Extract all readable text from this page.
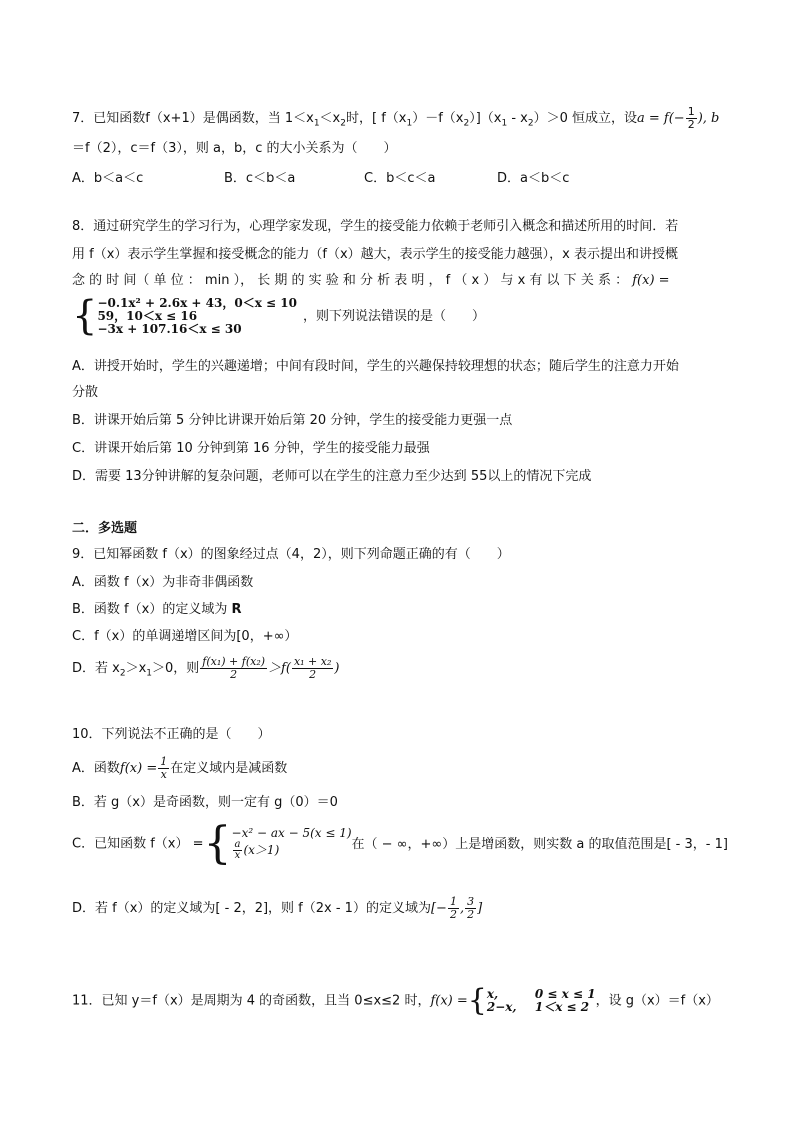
7．已知函数f（x+1）是偶函数，当 $1<x_1<x_2$时，[ $f(x_1)-f(x_2)](x_1 - x_2)>0$ 恒成立，设$a = f(- \frac{1}{2}$ ), b
＝f（2），c＝f（3），则 a，b，c 的大小关系为（　　）
A．b＜a＜c	B．c＜b＜a	C．b＜c＜a	D．a＜b＜c
8．通过研究学生的学习行为，心理学家发现，学生的接受能力依赖于老师引入概念和描述所用的时间．若
用 f（x）表示学生掌握和接受概念的能力（f（x）越大，表示学生的接受能力越强），x 表示提出和讲授概
念 的 时 间（ 单 位 ： min ）， 长 期 的 实 验 和 分 析 表 明 ， f （ x ） 与 x 有 以 下 关 系 ： f(x) =
{ −0.1x² + 2.6x + 43，0＜x ≤ 10
59，10＜x ≤ 16
−3x + 107.16＜x ≤ 30
，则下列说法错误的是（　　）
A．讲授开始时，学生的兴趣递增；中间有段时间，学生的兴趣保持较理想的状态；随后学生的注意力开始
分散
B．讲课开始后第 5 分钟比讲课开始后第 20 分钟，学生的接受能力更强一点
C．讲课开始后第 10 分钟到第 16 分钟，学生的接受能力最强
D．需要 13分钟讲解的复杂问题，老师可以在学生的注意力至少达到 55以上的情况下完成
二．多选题
9．已知幂函数 f（x）的图象经过点（4，2），则下列命题正确的有（　　）
A．函数 f（x）为非奇非偶函数
B．函数 f（x）的定义域为 R
C．f（x）的单调递增区间为[0，+∞）
D．若 $x_2>x_1>0$，则 $\frac{\text{f(x₁) + f(x₂)}}{2} >f( \frac{\text{x₁ + x₂}}{2}$ )
10．下列说法不正确的是（　　）
A．函数$f(x) = \frac{1}{x}$ 在定义域内是减函数
B．若 g（x）是奇函数，则一定有 g（0）＝0
C．已知函数 f（x） ={ −x² − ax − 5(x ≤ 1)
$\frac{a}{x} (x>1)$	在（ − ∞，+∞）上是增函数，则实数 a 的取值范围是[ - 3，- 1]
D．若 f（x）的定义域为[ - 2，2]，则 f（2x - 1）的定义域为[− $\frac{1}{2}$ , $\frac{3}{2}$ ]
11．已知 y＝f（x）是周期为 4 的奇函数，且当 0≤x≤2 时，f(x) ={ x,	0 ≤ x ≤ 1
2−x, 1＜x ≤ 2 ，设 g（x）＝f（x）
